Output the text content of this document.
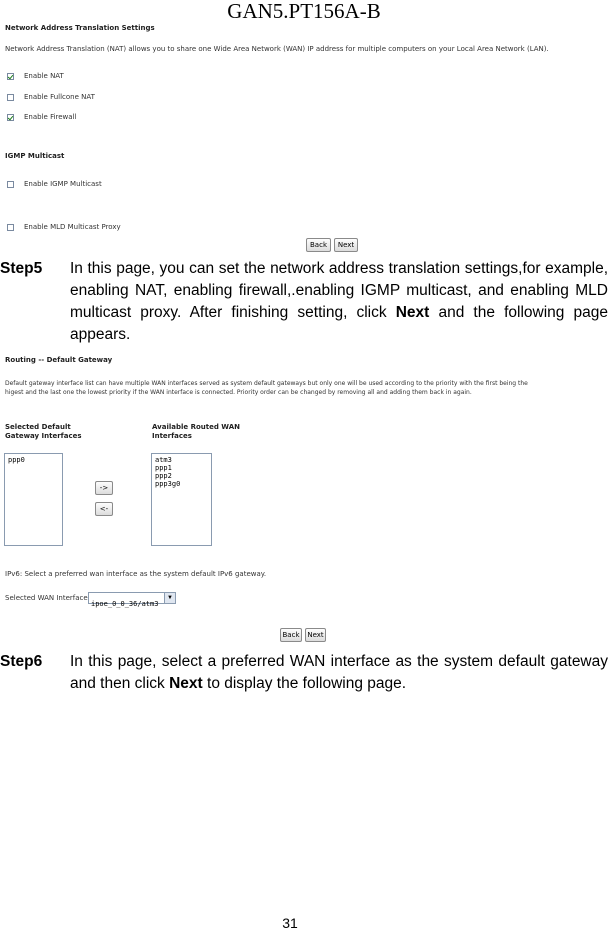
GAN5.PT156A-B
Network Address Translation Settings
Network Address Translation (NAT) allows you to share one Wide Area Network (WAN) IP address for multiple computers on your Local Area Network (LAN).
Enable NAT
Enable Fullcone NAT
Enable Firewall
IGMP Multicast
Enable IGMP Multicast
Enable MLD Multicast Proxy
Back	Next
Step5 In this page, you can set the network address translation settings,for example, enabling NAT, enabling firewall,.enabling IGMP multicast, and enabling MLD multicast proxy. After finishing setting, click Next and the following page appears.
Routing -- Default Gateway
Default gateway interface list can have multiple WAN interfaces served as system default gateways but only one will be used according to the priority with the first being the
higest and the last one the lowest priority if the WAN interface is connected. Priority order can be changed by removing all and adding them back in again.
Selected Default
Gateway Interfaces
Available Routed WAN
Interfaces
ppp0
->
<-
atm3
ppp1
ppp2
ppp3g0
IPv6: Select a preferred wan interface as the system default IPv6 gateway.
Selected WAN Interface
ipoe_0_0_36/atm3
▼
Back	Next
Step6 In this page, select a preferred WAN interface as the system default gateway and then click Next to display the following page.
31
